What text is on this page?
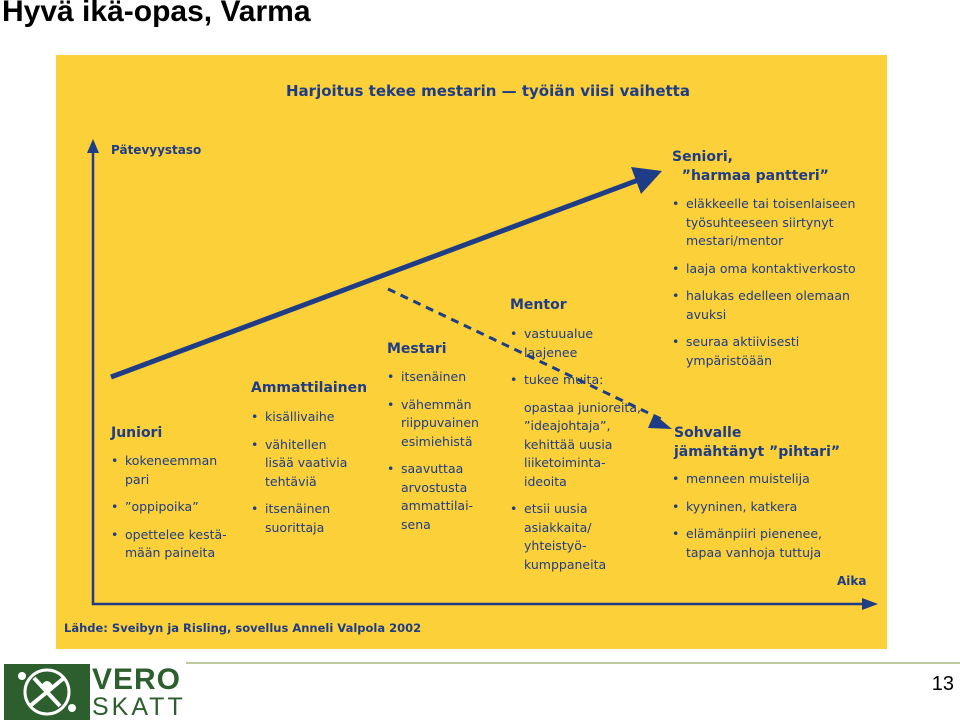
Hyvä ikä-opas, Varma
Harjoitus tekee mestarin — työiän viisi vaihetta
Pätevyystaso
Aika
Juniori
• kokeneemman
pari
• ”oppipoika”
• opettelee kestä-
mään paineita
Ammattilainen
• kisällivaihe
• vähitellen
lisää vaativia
tehtäviä
• itsenäinen
suorittaja
Mestari
• itsenäinen
• vähemmän
riippuvainen
esimiehistä
• saavuttaa
arvostusta
ammattilai-
sena
Mentor
• vastuualue
laajenee
• tukee muita:
opastaa junioreita,
”ideajohtaja”,
kehittää uusia
liiketoiminta-
ideoita
• etsii uusia
asiakkaita/
yhteistyö-
kumppaneita
Seniori,
”harmaa pantteri”
• eläkkeelle tai toisenlaiseen
työsuhteeseen siirtynyt
mestari/mentor
• laaja oma kontaktiverkosto
• halukas edelleen olemaan
avuksi
• seuraa aktiivisesti
ympäristöään
Sohvalle
jämähtänyt ”pihtari”
• menneen muistelija
• kyyninen, katkera
• elämänpiiri pienenee,
tapaa vanhoja tuttuja
Lähde: Sveibyn ja Risling, sovellus Anneli Valpola 2002
VERO
SKATT
13
